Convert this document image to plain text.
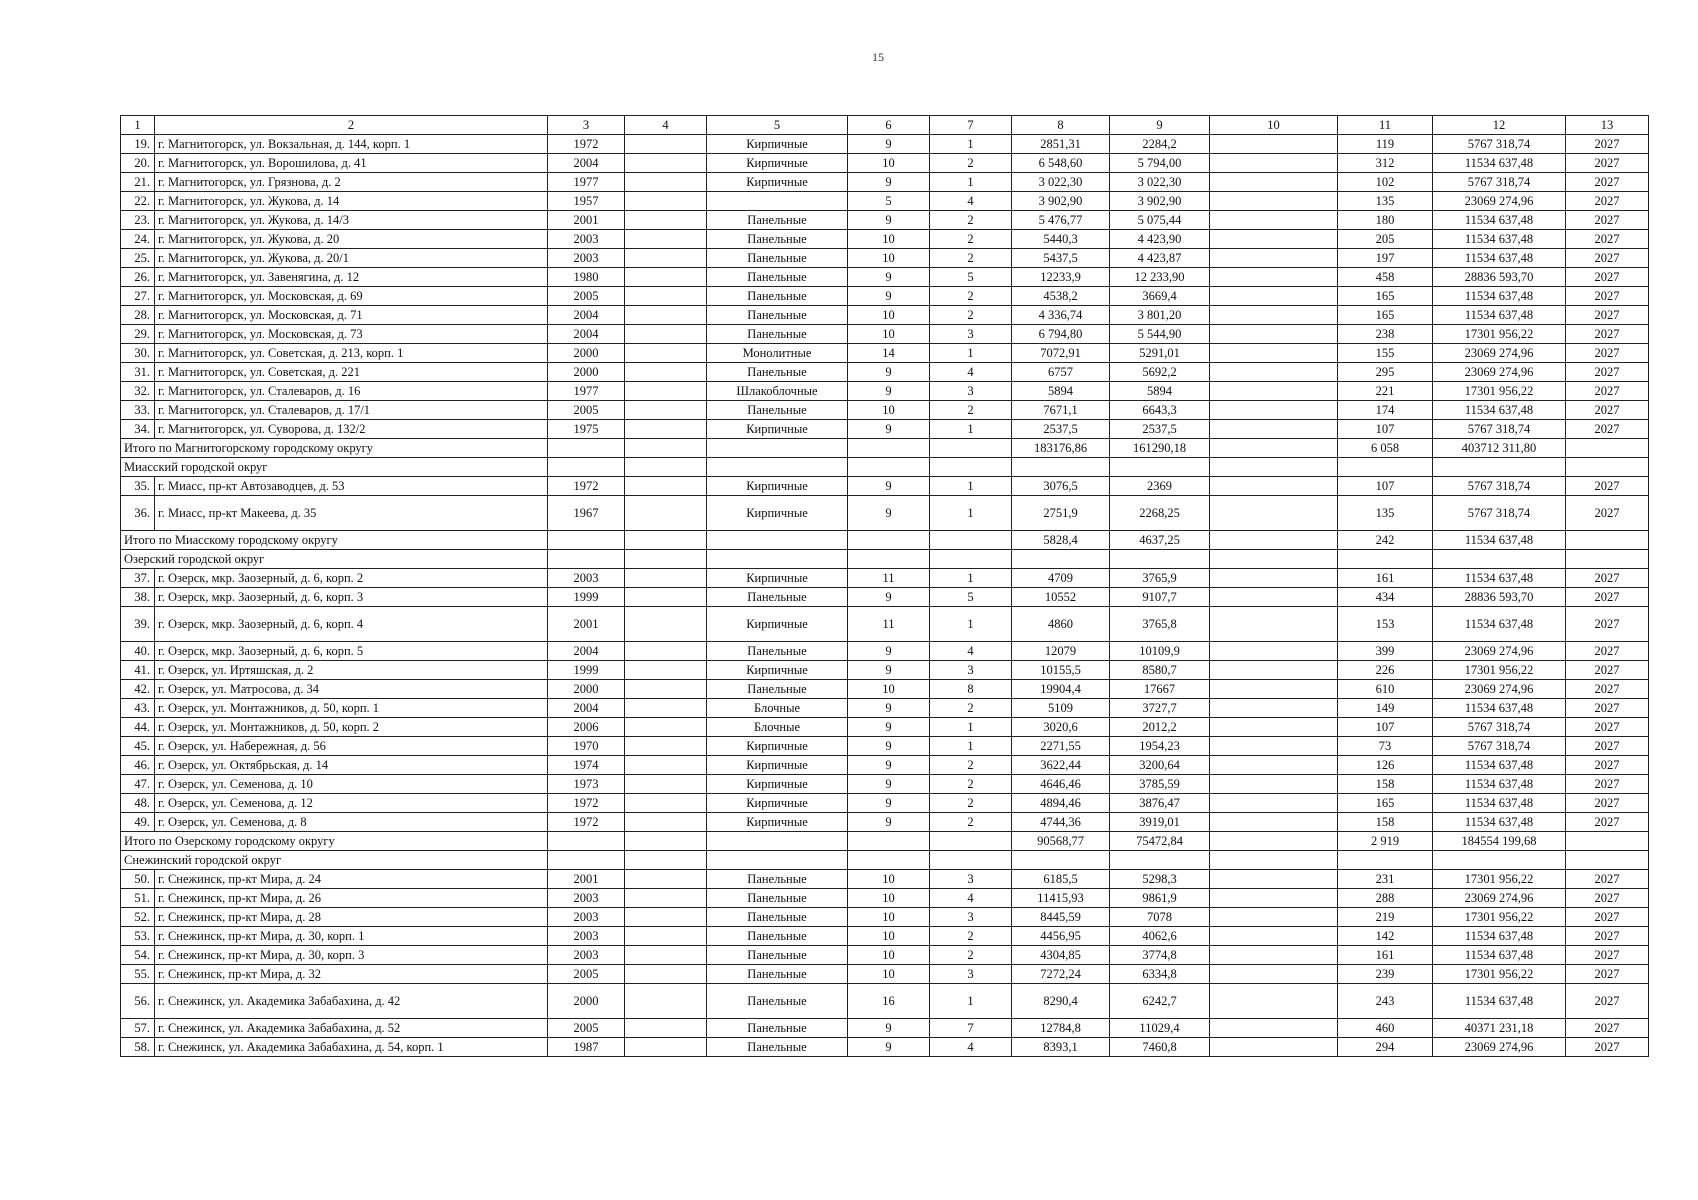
15
1	2	3	4	5	6	7	8	9	10	11	12	13
19.	г. Магнитогорск, ул. Вокзальная, д. 144, корп. 1	1972		Кирпичные	9	1	2851,31	2284,2		119	5767 318,74	2027
20.	г. Магнитогорск, ул. Ворошилова, д. 41	2004		Кирпичные	10	2	6 548,60	5 794,00		312	11534 637,48	2027
21.	г. Магнитогорск, ул. Грязнова, д. 2	1977		Кирпичные	9	1	3 022,30	3 022,30		102	5767 318,74	2027
22.	г. Магнитогорск, ул. Жукова, д. 14	1957			5	4	3 902,90	3 902,90		135	23069 274,96	2027
23.	г. Магнитогорск, ул. Жукова, д. 14/3	2001		Панельные	9	2	5 476,77	5 075,44		180	11534 637,48	2027
24.	г. Магнитогорск, ул. Жукова, д. 20	2003		Панельные	10	2	5440,3	4 423,90		205	11534 637,48	2027
25.	г. Магнитогорск, ул. Жукова, д. 20/1	2003		Панельные	10	2	5437,5	4 423,87		197	11534 637,48	2027
26.	г. Магнитогорск, ул. Завенягина, д. 12	1980		Панельные	9	5	12233,9	12 233,90		458	28836 593,70	2027
27.	г. Магнитогорск, ул. Московская, д. 69	2005		Панельные	9	2	4538,2	3669,4		165	11534 637,48	2027
28.	г. Магнитогорск, ул. Московская, д. 71	2004		Панельные	10	2	4 336,74	3 801,20		165	11534 637,48	2027
29.	г. Магнитогорск, ул. Московская, д. 73	2004		Панельные	10	3	6 794,80	5 544,90		238	17301 956,22	2027
30.	г. Магнитогорск, ул. Советская, д. 213, корп. 1	2000		Монолитные	14	1	7072,91	5291,01		155	23069 274,96	2027
31.	г. Магнитогорск, ул. Советская, д. 221	2000		Панельные	9	4	6757	5692,2		295	23069 274,96	2027
32.	г. Магнитогорск, ул. Сталеваров, д. 16	1977		Шлакоблочные	9	3	5894	5894		221	17301 956,22	2027
33.	г. Магнитогорск, ул. Сталеваров, д. 17/1	2005		Панельные	10	2	7671,1	6643,3		174	11534 637,48	2027
34.	г. Магнитогорск, ул. Суворова, д. 132/2	1975		Кирпичные	9	1	2537,5	2537,5		107	5767 318,74	2027
Итого по Магнитогорскому городскому округу							183176,86	161290,18		6 058	403712 311,80	
Миасский городской округ												
35.	г. Миасс, пр-кт Автозаводцев, д. 53	1972		Кирпичные	9	1	3076,5	2369		107	5767 318,74	2027
36.	г. Миасс, пр-кт Макеева, д. 35	1967		Кирпичные	9	1	2751,9	2268,25		135	5767 318,74	2027
Итого по Миасскому городскому округу							5828,4	4637,25		242	11534 637,48	
Озерский городской округ												
37.	г. Озерск, мкр. Заозерный, д. 6, корп. 2	2003		Кирпичные	11	1	4709	3765,9		161	11534 637,48	2027
38.	г. Озерск, мкр. Заозерный, д. 6, корп. 3	1999		Панельные	9	5	10552	9107,7		434	28836 593,70	2027
39.	г. Озерск, мкр. Заозерный, д. 6, корп. 4	2001		Кирпичные	11	1	4860	3765,8		153	11534 637,48	2027
40.	г. Озерск, мкр. Заозерный, д. 6, корп. 5	2004		Панельные	9	4	12079	10109,9		399	23069 274,96	2027
41.	г. Озерск, ул. Иртяшская, д. 2	1999		Кирпичные	9	3	10155,5	8580,7		226	17301 956,22	2027
42.	г. Озерск, ул. Матросова, д. 34	2000		Панельные	10	8	19904,4	17667		610	23069 274,96	2027
43.	г. Озерск, ул. Монтажников, д. 50, корп. 1	2004		Блочные	9	2	5109	3727,7		149	11534 637,48	2027
44.	г. Озерск, ул. Монтажников, д. 50, корп. 2	2006		Блочные	9	1	3020,6	2012,2		107	5767 318,74	2027
45.	г. Озерск, ул. Набережная, д. 56	1970		Кирпичные	9	1	2271,55	1954,23		73	5767 318,74	2027
46.	г. Озерск, ул. Октябрьская, д. 14	1974		Кирпичные	9	2	3622,44	3200,64		126	11534 637,48	2027
47.	г. Озерск, ул. Семенова, д. 10	1973		Кирпичные	9	2	4646,46	3785,59		158	11534 637,48	2027
48.	г. Озерск, ул. Семенова, д. 12	1972		Кирпичные	9	2	4894,46	3876,47		165	11534 637,48	2027
49.	г. Озерск, ул. Семенова, д. 8	1972		Кирпичные	9	2	4744,36	3919,01		158	11534 637,48	2027
Итого по Озерскому городскому округу							90568,77	75472,84		2 919	184554 199,68	
Снежинский городской округ												
50.	г. Снежинск, пр-кт Мира, д. 24	2001		Панельные	10	3	6185,5	5298,3		231	17301 956,22	2027
51.	г. Снежинск, пр-кт Мира, д. 26	2003		Панельные	10	4	11415,93	9861,9		288	23069 274,96	2027
52.	г. Снежинск, пр-кт Мира, д. 28	2003		Панельные	10	3	8445,59	7078		219	17301 956,22	2027
53.	г. Снежинск, пр-кт Мира, д. 30, корп. 1	2003		Панельные	10	2	4456,95	4062,6		142	11534 637,48	2027
54.	г. Снежинск, пр-кт Мира, д. 30, корп. 3	2003		Панельные	10	2	4304,85	3774,8		161	11534 637,48	2027
55.	г. Снежинск, пр-кт Мира, д. 32	2005		Панельные	10	3	7272,24	6334,8		239	17301 956,22	2027
56.	г. Снежинск, ул. Академика Забабахина, д. 42	2000		Панельные	16	1	8290,4	6242,7		243	11534 637,48	2027
57.	г. Снежинск, ул. Академика Забабахина, д. 52	2005		Панельные	9	7	12784,8	11029,4		460	40371 231,18	2027
58.	г. Снежинск, ул. Академика Забабахина, д. 54, корп. 1	1987		Панельные	9	4	8393,1	7460,8		294	23069 274,96	2027
